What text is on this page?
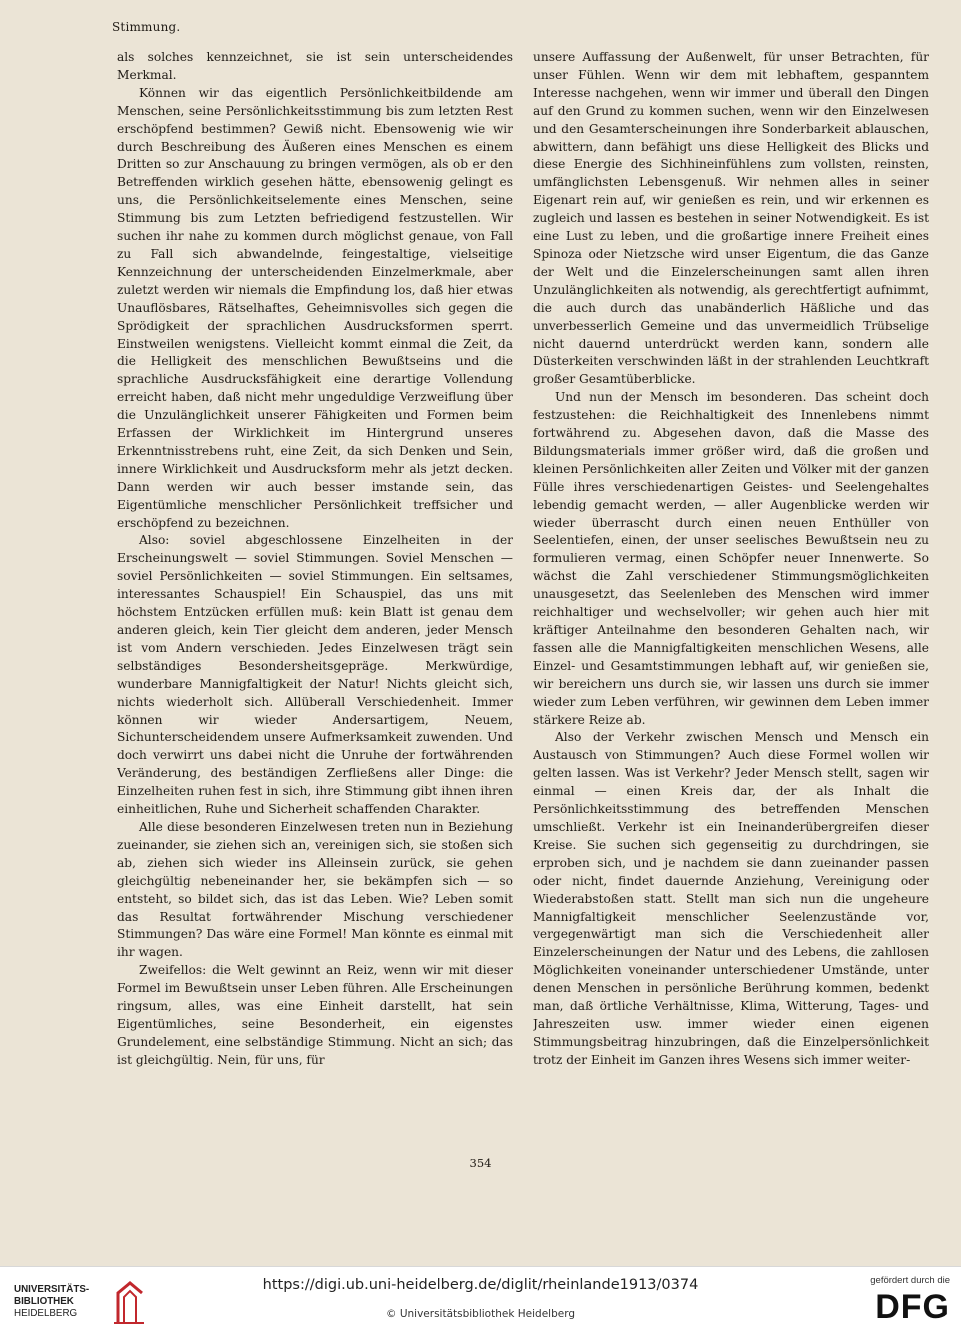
Stimmung.

als solches kennzeichnet, sie ist sein unterscheidendes Merkmal.

Können wir das eigentlich Persönlichkeitbildende am Menschen, seine Persönlichkeitsstimmung bis zum letzten Rest erschöpfend bestimmen? Gewiß nicht. Ebensowenig wie wir durch Beschreibung des Äußeren eines Menschen es einem Dritten so zur Anschauung zu bringen vermögen, als ob er den Betreffenden wirklich gesehen hätte, ebensowenig gelingt es uns, die Persönlichkeitselemente eines Menschen, seine Stimmung bis zum Letzten befriedigend festzustellen. Wir suchen ihr nahe zu kommen durch möglichst genaue, von Fall zu Fall sich abwandelnde, feingestaltige, vielseitige Kennzeichnung der unterscheidenden Einzelmerkmale, aber zuletzt werden wir niemals die Empfindung los, daß hier etwas Unauflösbares, Rätselhaftes, Geheimnisvolles sich gegen die Sprödigkeit der sprachlichen Ausdrucksformen sperrt. Einstweilen wenigstens. Vielleicht kommt einmal die Zeit, da die Helligkeit des menschlichen Bewußtseins und die sprachliche Ausdrucksfähigkeit eine derartige Vollendung erreicht haben, daß nicht mehr ungeduldige Verzweiflung über die Unzulänglichkeit unserer Fähigkeiten und Formen beim Erfassen der Wirklichkeit im Hintergrund unseres Erkenntnisstrebens ruht, eine Zeit, da sich Denken und Sein, innere Wirklichkeit und Ausdrucksform mehr als jetzt decken. Dann werden wir auch besser imstande sein, das Eigentümliche menschlicher Persönlichkeit treffsicher und erschöpfend zu bezeichnen.

Also: soviel abgeschlossene Einzelheiten in der Erscheinungswelt — soviel Stimmungen. Soviel Menschen — soviel Persönlichkeiten — soviel Stimmungen. Ein seltsames, interessantes Schauspiel! Ein Schauspiel, das uns mit höchstem Entzücken erfüllen muß: kein Blatt ist genau dem anderen gleich, kein Tier gleicht dem anderen, jeder Mensch ist vom Andern verschieden. Jedes Einzelwesen trägt sein selbständiges Besondersheitsgepräge. Merkwürdige, wunderbare Mannigfaltigkeit der Natur! Nichts gleicht sich, nichts wiederholt sich. Allüberall Verschiedenheit. Immer können wir wieder Andersartigem, Neuem, Sichunterscheidendem unsere Aufmerksamkeit zuwenden. Und doch verwirrt uns dabei nicht die Unruhe der fortwährenden Veränderung, des beständigen Zerfließens aller Dinge: die Einzelheiten ruhen fest in sich, ihre Stimmung gibt ihnen ihren einheitlichen, Ruhe und Sicherheit schaffenden Charakter.

Alle diese besonderen Einzelwesen treten nun in Beziehung zueinander, sie ziehen sich an, vereinigen sich, sie stoßen sich ab, ziehen sich wieder ins Alleinsein zurück, sie gehen gleichgültig nebeneinander her, sie bekämpfen sich — so entsteht, so bildet sich, das ist das Leben. Wie? Leben somit das Resultat fortwährender Mischung verschiedener Stimmungen? Das wäre eine Formel! Man könnte es einmal mit ihr wagen.

Zweifellos: die Welt gewinnt an Reiz, wenn wir mit dieser Formel im Bewußtsein unser Leben führen. Alle Erscheinungen ringsum, alles, was eine Einheit darstellt, hat sein Eigentümliches, seine Besonderheit, ein eigenstes Grundelement, eine selbständige Stimmung. Nicht an sich; das ist gleichgültig. Nein, für uns, für

unsere Auffassung der Außenwelt, für unser Betrachten, für unser Fühlen. Wenn wir dem mit lebhaftem, gespanntem Interesse nachgehen, wenn wir immer und überall den Dingen auf den Grund zu kommen suchen, wenn wir den Einzelwesen und den Gesamterscheinungen ihre Sonderbarkeit ablauschen, abwittern, dann befähigt uns diese Helligkeit des Blicks und diese Energie des Sichhineinfühlens zum vollsten, reinsten, umfänglichsten Lebensgenuß. Wir nehmen alles in seiner Eigenart rein auf, wir genießen es rein, und wir erkennen es zugleich und lassen es bestehen in seiner Notwendigkeit. Es ist eine Lust zu leben, und die großartige innere Freiheit eines Spinoza oder Nietzsche wird unser Eigentum, die das Ganze der Welt und die Einzelerscheinungen samt allen ihren Unzulänglichkeiten als notwendig, als gerechtfertigt aufnimmt, die auch durch das unabänderlich Häßliche und das unverbesserlich Gemeine und das unvermeidlich Trübselige nicht dauernd unterdrückt werden kann, sondern alle Düsterkeiten verschwinden läßt in der strahlenden Leuchtkraft großer Gesamtüberblicke.

Und nun der Mensch im besonderen. Das scheint doch festzustehen: die Reichhaltigkeit des Innenlebens nimmt fortwährend zu. Abgesehen davon, daß die Masse des Bildungsmaterials immer größer wird, daß die großen und kleinen Persönlichkeiten aller Zeiten und Völker mit der ganzen Fülle ihres verschiedenartigen Geistes- und Seelengehaltes lebendig gemacht werden, — aller Augenblicke werden wir wieder überrascht durch einen neuen Enthüller von Seelentiefen, einen, der unser seelisches Bewußtsein neu zu formulieren vermag, einen Schöpfer neuer Innenwerte. So wächst die Zahl verschiedener Stimmungsmöglichkeiten unausgesetzt, das Seelenleben des Menschen wird immer reichhaltiger und wechselvoller; wir gehen auch hier mit kräftiger Anteilnahme den besonderen Gehalten nach, wir fassen alle die Mannigfaltigkeiten menschlichen Wesens, alle Einzel- und Gesamtstimmungen lebhaft auf, wir genießen sie, wir bereichern uns durch sie, wir lassen uns durch sie immer wieder zum Leben verführen, wir gewinnen dem Leben immer stärkere Reize ab.

Also der Verkehr zwischen Mensch und Mensch ein Austausch von Stimmungen? Auch diese Formel wollen wir gelten lassen. Was ist Verkehr? Jeder Mensch stellt, sagen wir einmal — einen Kreis dar, der als Inhalt die Persönlichkeitsstimmung des betreffenden Menschen umschließt. Verkehr ist ein Ineinanderübergreifen dieser Kreise. Sie suchen sich gegenseitig zu durchdringen, sie erproben sich, und je nachdem sie dann zueinander passen oder nicht, findet dauernde Anziehung, Vereinigung oder Wiederabstoßen statt. Stellt man sich nun die ungeheure Mannigfaltigkeit menschlicher Seelenzustände vor, vergegenwärtigt man sich die Verschiedenheit aller Einzelerscheinungen der Natur und des Lebens, die zahllosen Möglichkeiten voneinander unterschiedener Umstände, unter denen Menschen in persönliche Berührung kommen, bedenkt man, daß örtliche Verhältnisse, Klima, Witterung, Tages- und Jahreszeiten usw. immer wieder einen eigenen Stimmungsbeitrag hinzubringen, daß die Einzelpersönlichkeit trotz der Einheit im Ganzen ihres Wesens sich immer weiter-

354

UNIVERSITÄTS-
BIBLIOTHEK
HEIDELBERG
https://digi.ub.uni-heidelberg.de/diglit/rheinlande1913/0374

© Universitätsbibliothek Heidelberg

gefördert durch die
DFG
